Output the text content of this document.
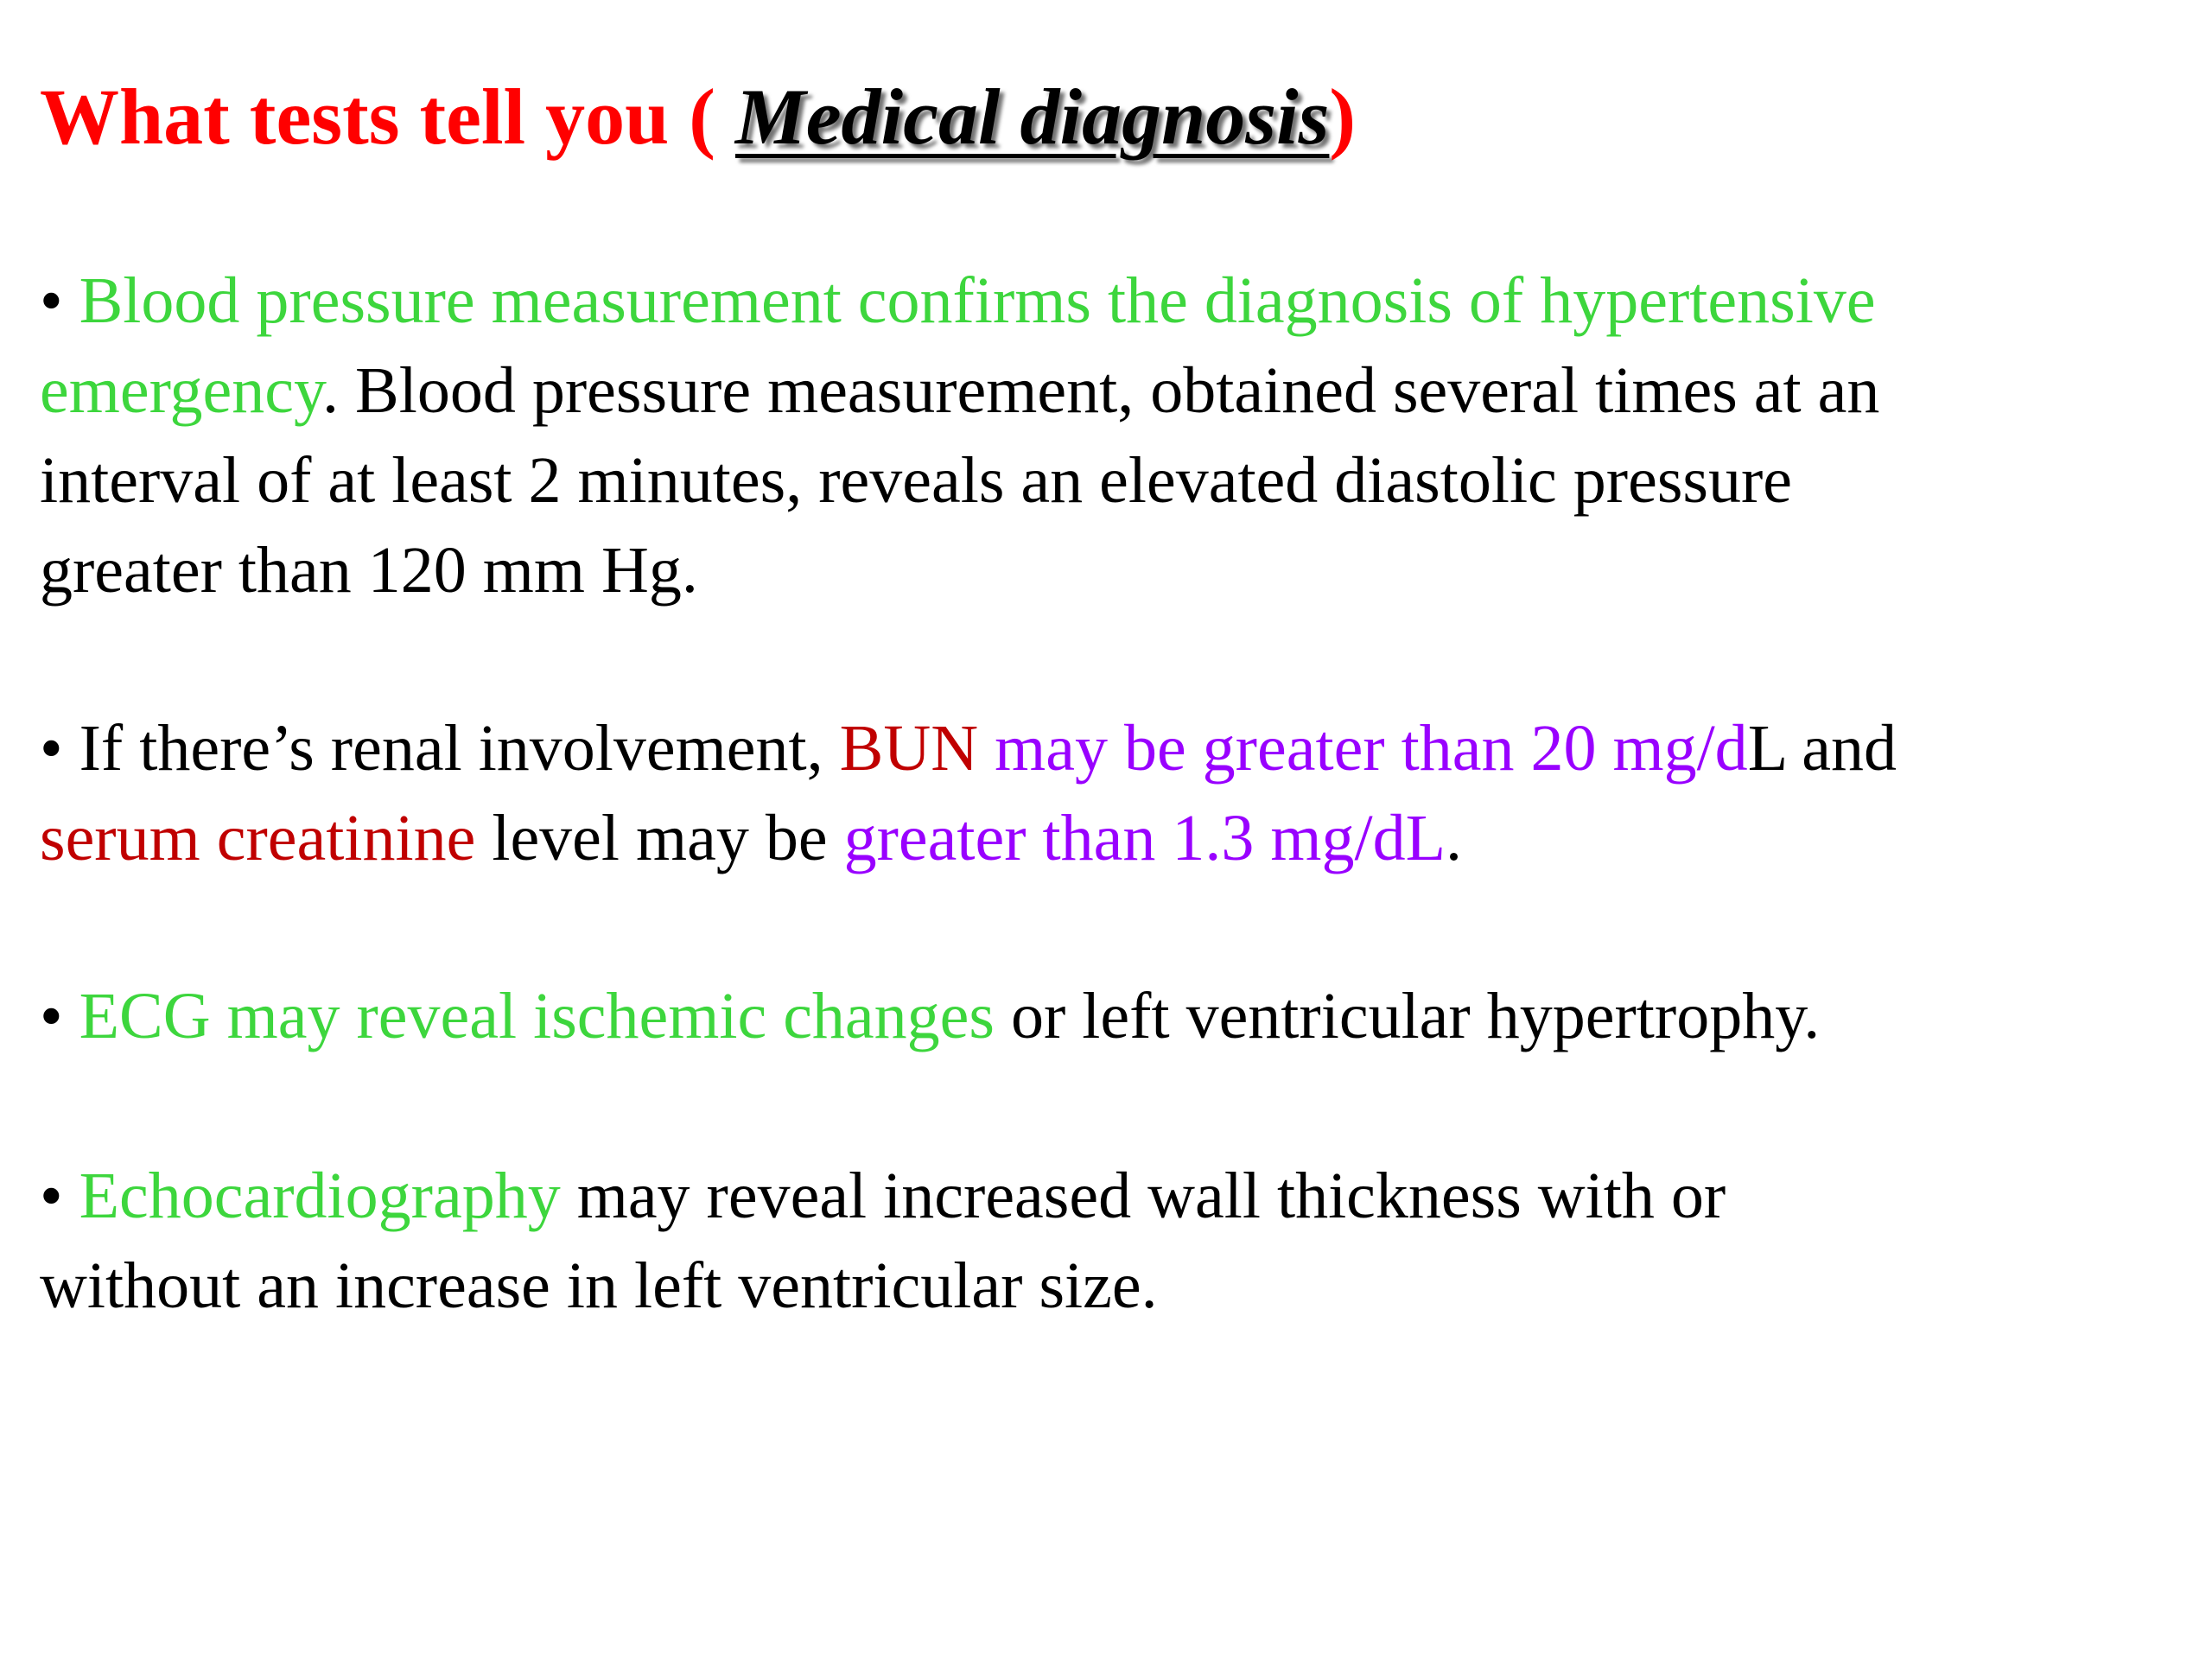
What tests tell you ( Medical diagnosis)

• Blood pressure measurement confirms the diagnosis of hypertensive
emergency. Blood pressure measurement, obtained several times at an
interval of at least 2 minutes, reveals an elevated diastolic pressure
greater than 120 mm Hg.

• If there’s renal involvement, BUN may be greater than 20 mg/dL and
serum creatinine level may be greater than 1.3 mg/dL.

• ECG may reveal ischemic changes or left ventricular hypertrophy.

• Echocardiography may reveal increased wall thickness with or
without an increase in left ventricular size.
